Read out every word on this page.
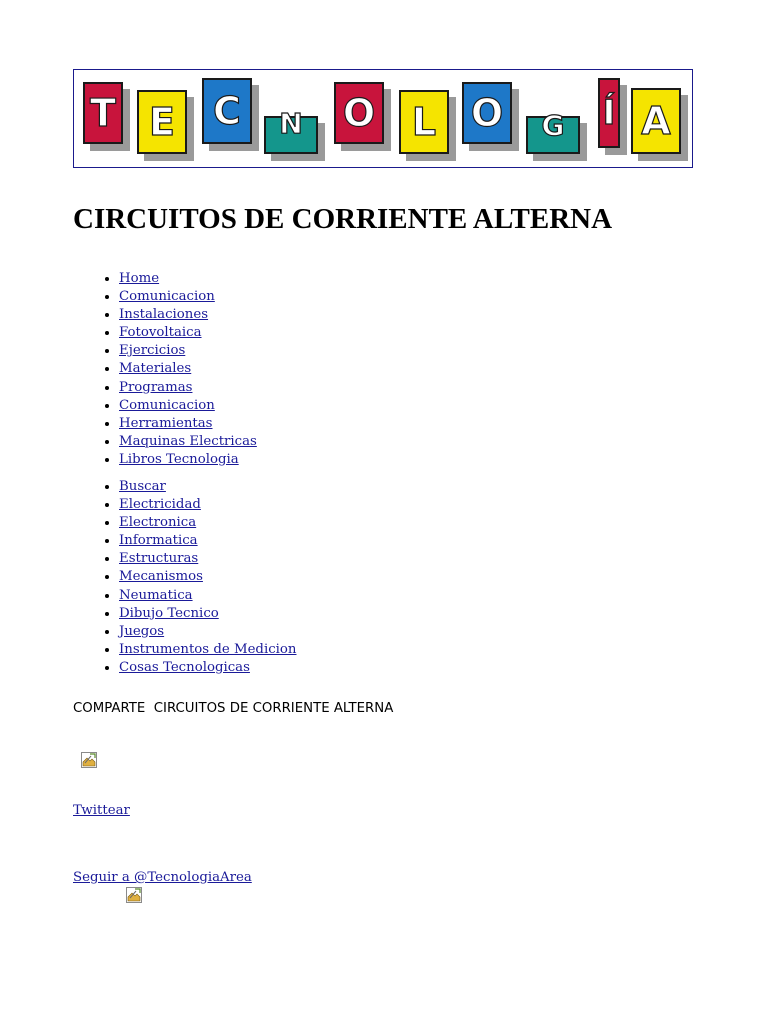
T E C N O L O G Í A
CIRCUITOS DE CORRIENTE ALTERNA
• Home
• Comunicacion
• Instalaciones
• Fotovoltaica
• Ejercicios
• Materiales
• Programas
• Comunicacion
• Herramientas
• Maquinas Electricas
• Libros Tecnologia
• Buscar
• Electricidad
• Electronica
• Informatica
• Estructuras
• Mecanismos
• Neumatica
• Dibujo Tecnico
• Juegos
• Instrumentos de Medicion
• Cosas Tecnologicas
COMPARTE  CIRCUITOS DE CORRIENTE ALTERNA
Twittear
Seguir a @TecnologiaArea
